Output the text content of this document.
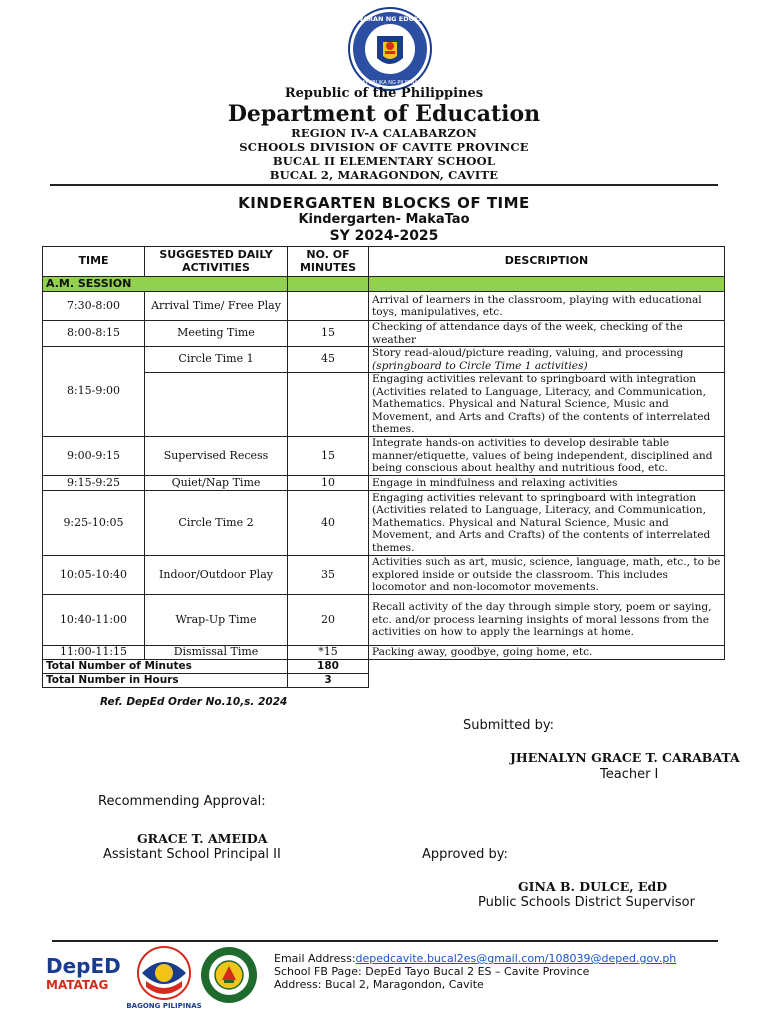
KAGAWARAN NG EDUKASYON
REPUBLIKA NG PILIPINAS
Republic of the Philippines
Department of Education
REGION IV-A CALABARZON
SCHOOLS DIVISION OF CAVITE PROVINCE
BUCAL II ELEMENTARY SCHOOL
BUCAL 2, MARAGONDON, CAVITE
KINDERGARTEN BLOCKS OF TIME
Kindergarten- MakaTao
SY 2024-2025
TIME	SUGGESTED DAILY ACTIVITIES	NO. OF MINUTES	DESCRIPTION
A.M. SESSION			
7:30-8:00	Arrival Time/ Free Play		Arrival of learners in the classroom, playing with educational toys, manipulatives, etc.
8:00-8:15	Meeting Time	15	Checking of attendance days of the week, checking of the weather
8:15-9:00	Circle Time 1	45	Story read-aloud/picture reading, valuing, and processing
(springboard to Circle Time 1 activities)
			Engaging activities relevant to springboard with integration (Activities related to Language, Literacy, and Communication, Mathematics. Physical and Natural Science, Music and Movement, and Arts and Crafts) of the contents of interrelated themes.
9:00-9:15	Supervised Recess	15	Integrate hands-on activities to develop desirable table manner/etiquette, values of being independent, disciplined and being conscious about healthy and nutritious food, etc.
9:15-9:25	Quiet/Nap Time	10	Engage in mindfulness and relaxing activities
9:25-10:05	Circle Time 2	40	Engaging activities relevant to springboard with integration (Activities related to Language, Literacy, and Communication, Mathematics. Physical and Natural Science, Music and Movement, and Arts and Crafts) of the contents of interrelated themes.
10:05-10:40	Indoor/Outdoor Play	35	Activities such as art, music, science, language, math, etc., to be explored inside or outside the classroom. This includes locomotor and non-locomotor movements.
10:40-11:00	Wrap-Up Time	20	Recall activity of the day through simple story, poem or saying, etc. and/or process learning insights of moral lessons from the activities on how to apply the learnings at home.
11:00-11:15	Dismissal Time	*15	Packing away, goodbye, going home, etc.
Total Number of Minutes		180	
Total Number in Hours		3	
Ref. DepEd Order No.10,s. 2024
Submitted by:
JHENALYN GRACE T. CARABATA
Teacher I
Recommending Approval:
GRACE T. AMEIDA
Assistant School Principal II	Approved by:
GINA B. DULCE, EdD
Public Schools District Supervisor
DepED
MATATAG
BAGONG PILIPINAS
Email Address:depedcavite.bucal2es@gmail.com/108039@deped.gov.ph
School FB Page: DepEd Tayo Bucal 2 ES – Cavite Province
Address: Bucal 2, Maragondon, Cavite
